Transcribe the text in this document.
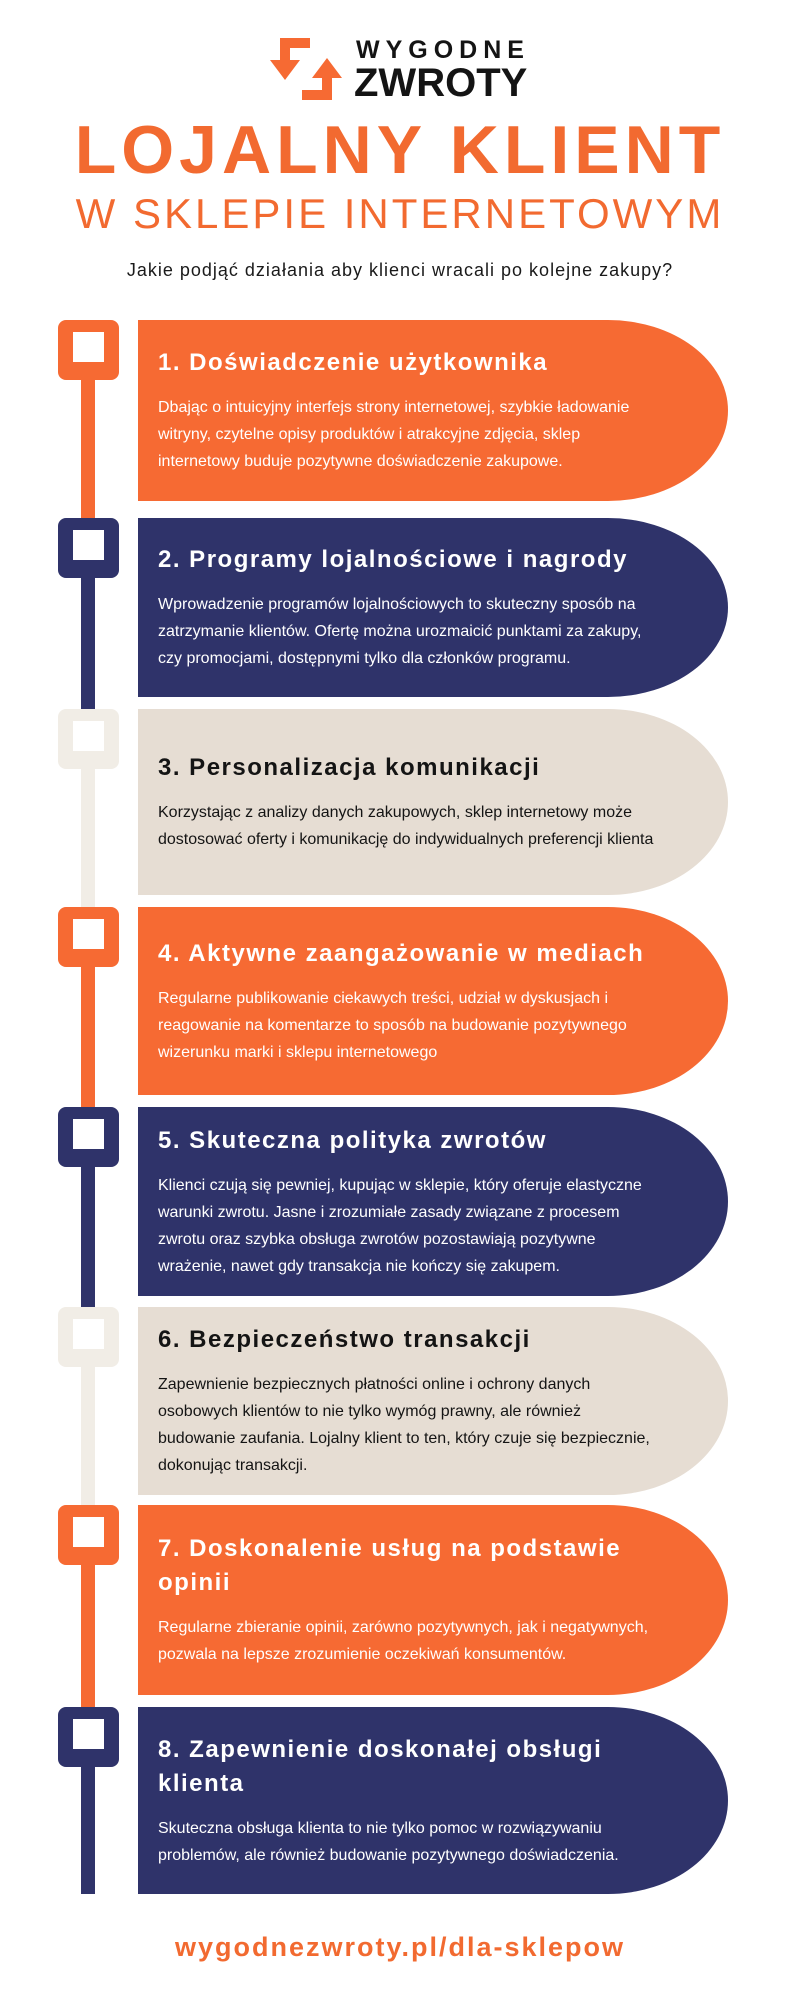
WYGODNE
ZWROTY
LOJALNY KLIENT
W SKLEPIE INTERNETOWYM
Jakie podjąć działania aby klienci wracali po kolejne zakupy?
1. Doświadczenie użytkownika

Dbając o intuicyjny interfejs strony internetowej, szybkie ładowanie witryny, czytelne opisy produktów i atrakcyjne zdjęcia, sklep internetowy buduje pozytywne doświadczenie zakupowe.

2. Programy lojalnościowe i nagrody

Wprowadzenie programów lojalnościowych to skuteczny sposób na zatrzymanie klientów. Ofertę można urozmaicić punktami za zakupy, czy promocjami, dostępnymi tylko dla członków programu.

3. Personalizacja komunikacji

Korzystając z analizy danych zakupowych, sklep internetowy może dostosować oferty i komunikację do indywidualnych preferencji klienta

4. Aktywne zaangażowanie w mediach

Regularne publikowanie ciekawych treści, udział w dyskusjach i reagowanie na komentarze to sposób na budowanie pozytywnego wizerunku marki i sklepu internetowego

5. Skuteczna polityka zwrotów

Klienci czują się pewniej, kupując w sklepie, który oferuje elastyczne warunki zwrotu. Jasne i zrozumiałe zasady związane z procesem zwrotu oraz szybka obsługa zwrotów pozostawiają pozytywne wrażenie, nawet gdy transakcja nie kończy się zakupem.

6. Bezpieczeństwo transakcji

Zapewnienie bezpiecznych płatności online i ochrony danych osobowych klientów to nie tylko wymóg prawny, ale również budowanie zaufania. Lojalny klient to ten, który czuje się bezpiecznie, dokonując transakcji.

7. Doskonalenie usług na podstawie opinii

Regularne zbieranie opinii, zarówno pozytywnych, jak i negatywnych, pozwala na lepsze zrozumienie oczekiwań konsumentów.

8. Zapewnienie doskonałej obsługi klienta

Skuteczna obsługa klienta to nie tylko pomoc w rozwiązywaniu problemów, ale również budowanie pozytywnego doświadczenia.

wygodnezwroty.pl/dla-sklepow
